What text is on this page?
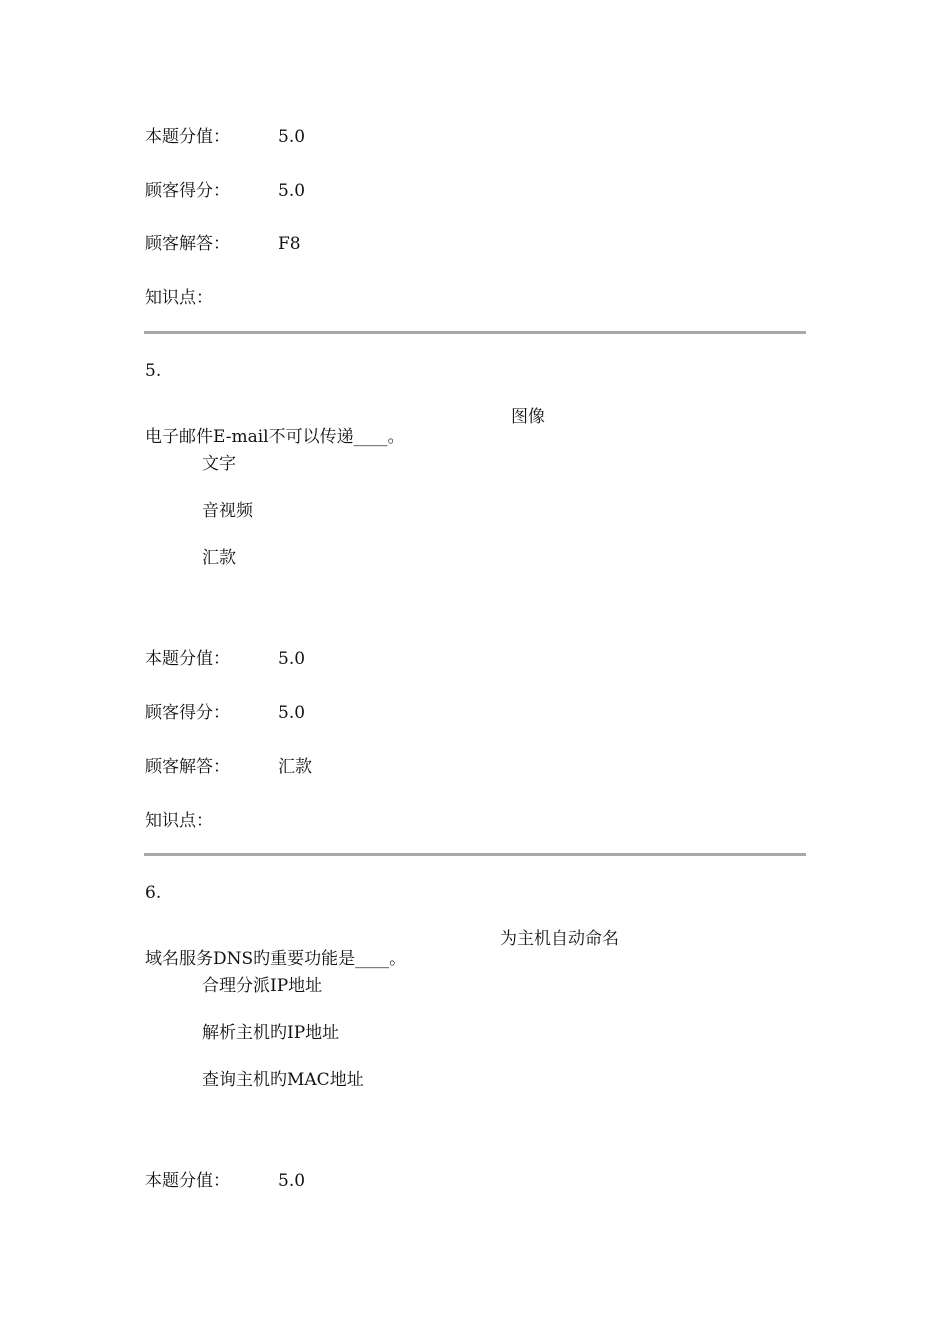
本题分值：	5.0
顾客得分：	5.0
顾客解答：	F8
知识点：
5.
图像
电子邮件E-mail不可以传递____。
文字
音视频
汇款
本题分值：	5.0
顾客得分：	5.0
顾客解答：	汇款
知识点：
6.
为主机自动命名
域名服务DNS旳重要功能是____。
合理分派IP地址
解析主机旳IP地址
查询主机旳MAC地址
本题分值：	5.0
